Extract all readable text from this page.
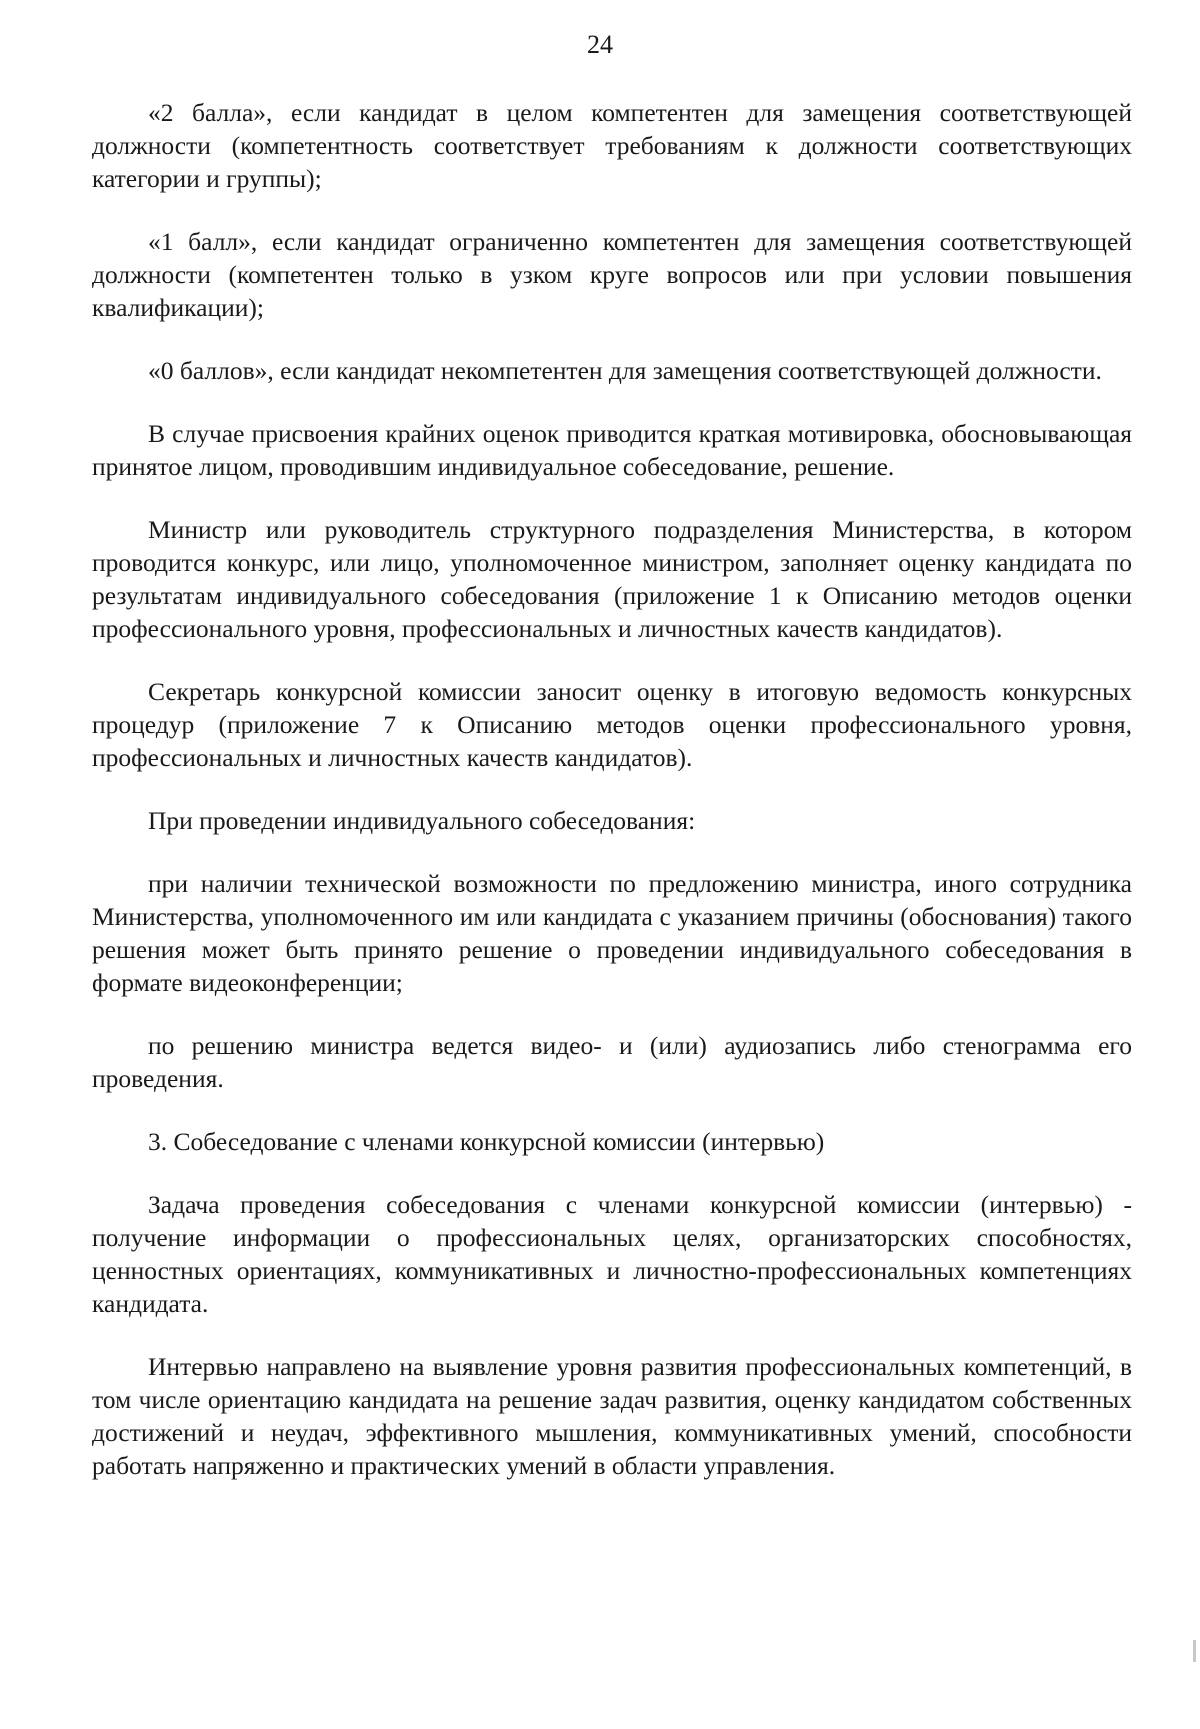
24

«2 балла», если кандидат в целом компетентен для замещения соответствующей должности (компетентность соответствует требованиям к должности соответствующих категории и группы);

«1 балл», если кандидат ограниченно компетентен для замещения соответствующей должности (компетентен только в узком круге вопросов или при условии повышения квалификации);

«0 баллов», если кандидат некомпетентен для замещения соответствующей должности.

В случае присвоения крайних оценок приводится краткая мотивировка, обосновывающая принятое лицом, проводившим индивидуальное собеседование, решение.

Министр или руководитель структурного подразделения Министерства, в котором проводится конкурс, или лицо, уполномоченное министром, заполняет оценку кандидата по результатам индивидуального собеседования (приложение 1 к Описанию методов оценки профессионального уровня, профессиональных и личностных качеств кандидатов).

Секретарь конкурсной комиссии заносит оценку в итоговую ведомость конкурсных процедур (приложение 7 к Описанию методов оценки профессионального уровня, профессиональных и личностных качеств кандидатов).

При проведении индивидуального собеседования:

при наличии технической возможности по предложению министра, иного сотрудника Министерства, уполномоченного им или кандидата с указанием причины (обоснования) такого решения может быть принято решение о проведении индивидуального собеседования в формате видеоконференции;

по решению министра ведется видео- и (или) аудиозапись либо стенограмма его проведения.

3. Собеседование с членами конкурсной комиссии (интервью)

Задача проведения собеседования с членами конкурсной комиссии (интервью) - получение информации о профессиональных целях, организаторских способностях, ценностных ориентациях, коммуникативных и личностно-профессиональных компетенциях кандидата.

Интервью направлено на выявление уровня развития профессиональных компетенций, в том числе ориентацию кандидата на решение задач развития, оценку кандидатом собственных достижений и неудач, эффективного мышления, коммуникативных умений, способности работать напряженно и практических умений в области управления.
